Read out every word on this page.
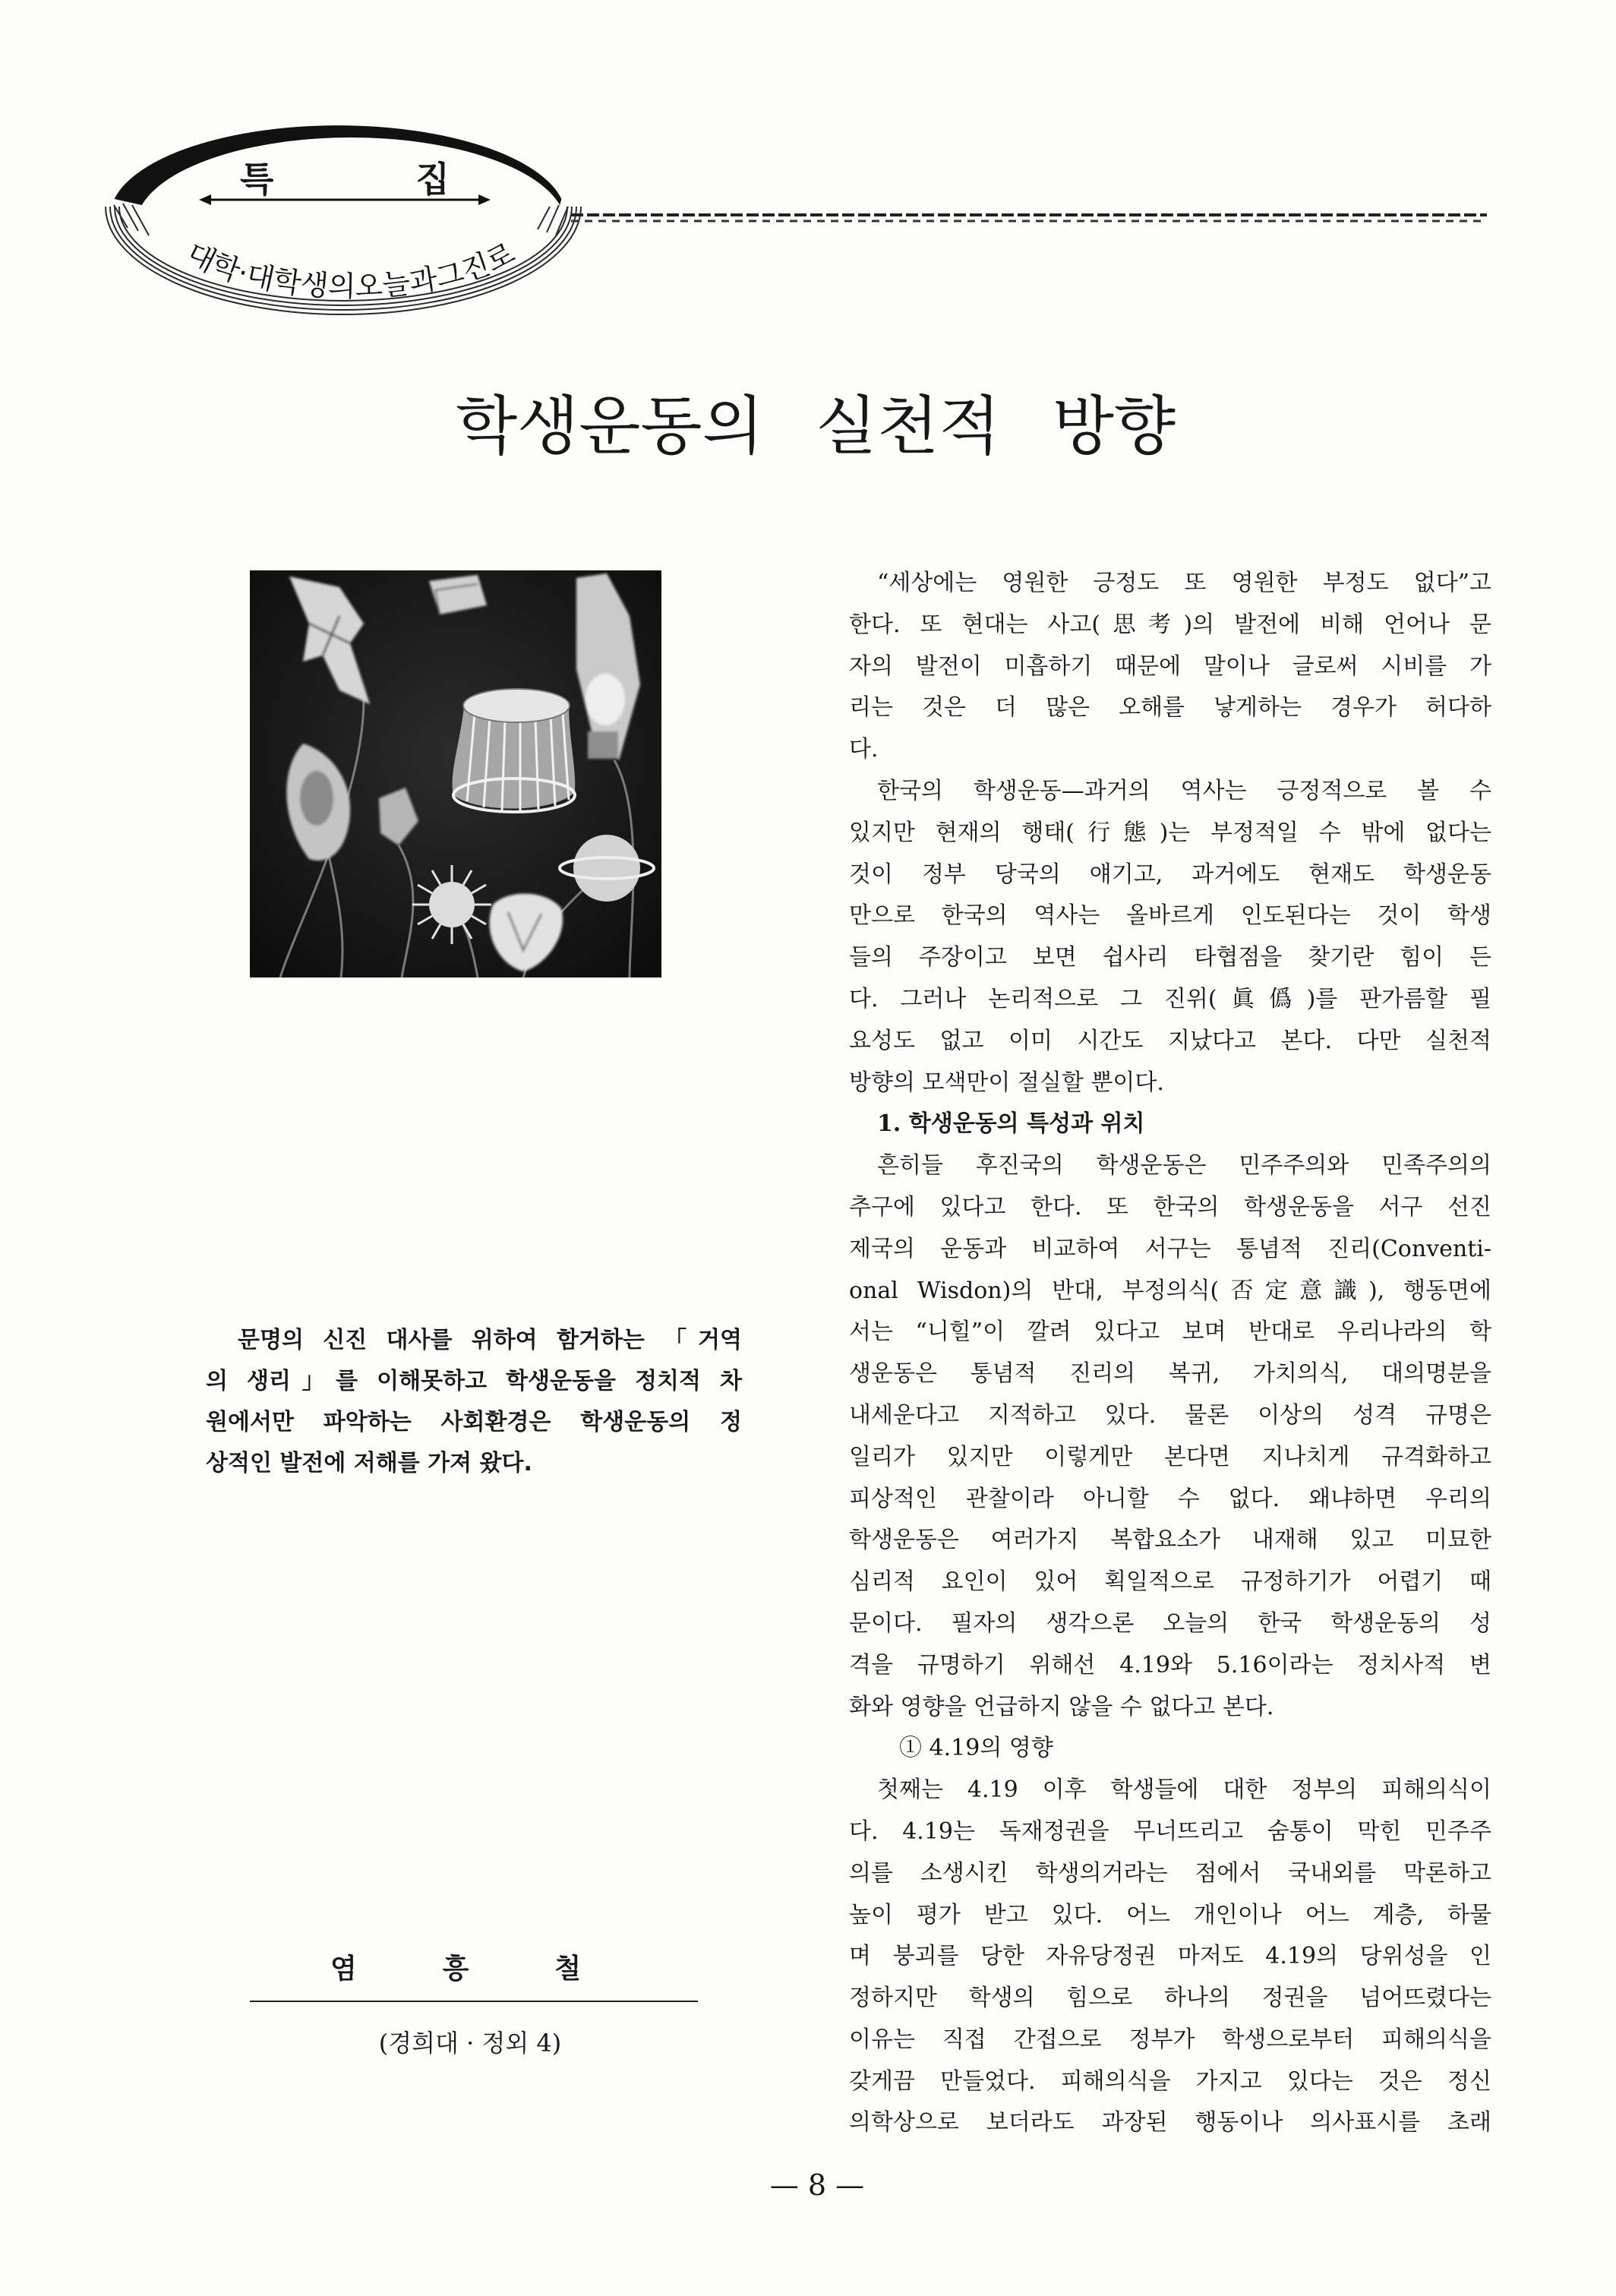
대학·대학생의오늘과그진로
특 집
학생운동의 실천적 방향
문명의 신진 대사를 위하여 함거하는 「거역
의 생리」를 이해못하고 학생운동을 정치적 차
원에서만 파악하는 사회환경은 학생운동의 정
상적인 발전에 저해를 가져 왔다.
염 흥 철
(경희대 · 정외 4)
“세상에는 영원한 긍정도 또 영원한 부정도 없다”고
한다. 또 현대는 사고(思考)의 발전에 비해 언어나 문
자의 발전이 미흡하기 때문에 말이나 글로써 시비를 가
리는 것은 더 많은 오해를 낳게하는 경우가 허다하
다.
한국의 학생운동—과거의 역사는 긍정적으로 볼 수
있지만 현재의 행태(行態)는 부정적일 수 밖에 없다는
것이 정부 당국의 얘기고, 과거에도 현재도 학생운동
만으로 한국의 역사는 올바르게 인도된다는 것이 학생
들의 주장이고 보면 쉽사리 타협점을 찾기란 힘이 든
다. 그러나 논리적으로 그 진위(眞僞)를 판가름할 필
요성도 없고 이미 시간도 지났다고 본다. 다만 실천적
방향의 모색만이 절실할 뿐이다.
1. 학생운동의 특성과 위치
흔히들 후진국의 학생운동은 민주주의와 민족주의의
추구에 있다고 한다. 또 한국의 학생운동을 서구 선진
제국의 운동과 비교하여 서구는 통념적 진리(Conventi-
onal Wisdon)의 반대, 부정의식(否定意識), 행동면에
서는 “니힐”이 깔려 있다고 보며 반대로 우리나라의 학
생운동은 통념적 진리의 복귀, 가치의식, 대의명분을
내세운다고 지적하고 있다. 물론 이상의 성격 규명은
일리가 있지만 이렇게만 본다면 지나치게 규격화하고
피상적인 관찰이라 아니할 수 없다. 왜냐하면 우리의
학생운동은 여러가지 복합요소가 내재해 있고 미묘한
심리적 요인이 있어 획일적으로 규정하기가 어렵기 때
문이다. 필자의 생각으론 오늘의 한국 학생운동의 성
격을 규명하기 위해선 4.19와 5.16이라는 정치사적 변
화와 영향을 언급하지 않을 수 없다고 본다.
① 4.19의 영향
첫째는 4.19 이후 학생들에 대한 정부의 피해의식이
다. 4.19는 독재정권을 무너뜨리고 숨통이 막힌 민주주
의를 소생시킨 학생의거라는 점에서 국내외를 막론하고
높이 평가 받고 있다. 어느 개인이나 어느 계층, 하물
며 붕괴를 당한 자유당정권 마저도 4.19의 당위성을 인
정하지만 학생의 힘으로 하나의 정권을 넘어뜨렸다는
이유는 직접 간접으로 정부가 학생으로부터 피해의식을
갖게끔 만들었다. 피해의식을 가지고 있다는 것은 정신
의학상으로 보더라도 과장된 행동이나 의사표시를 초래
— 8 —
